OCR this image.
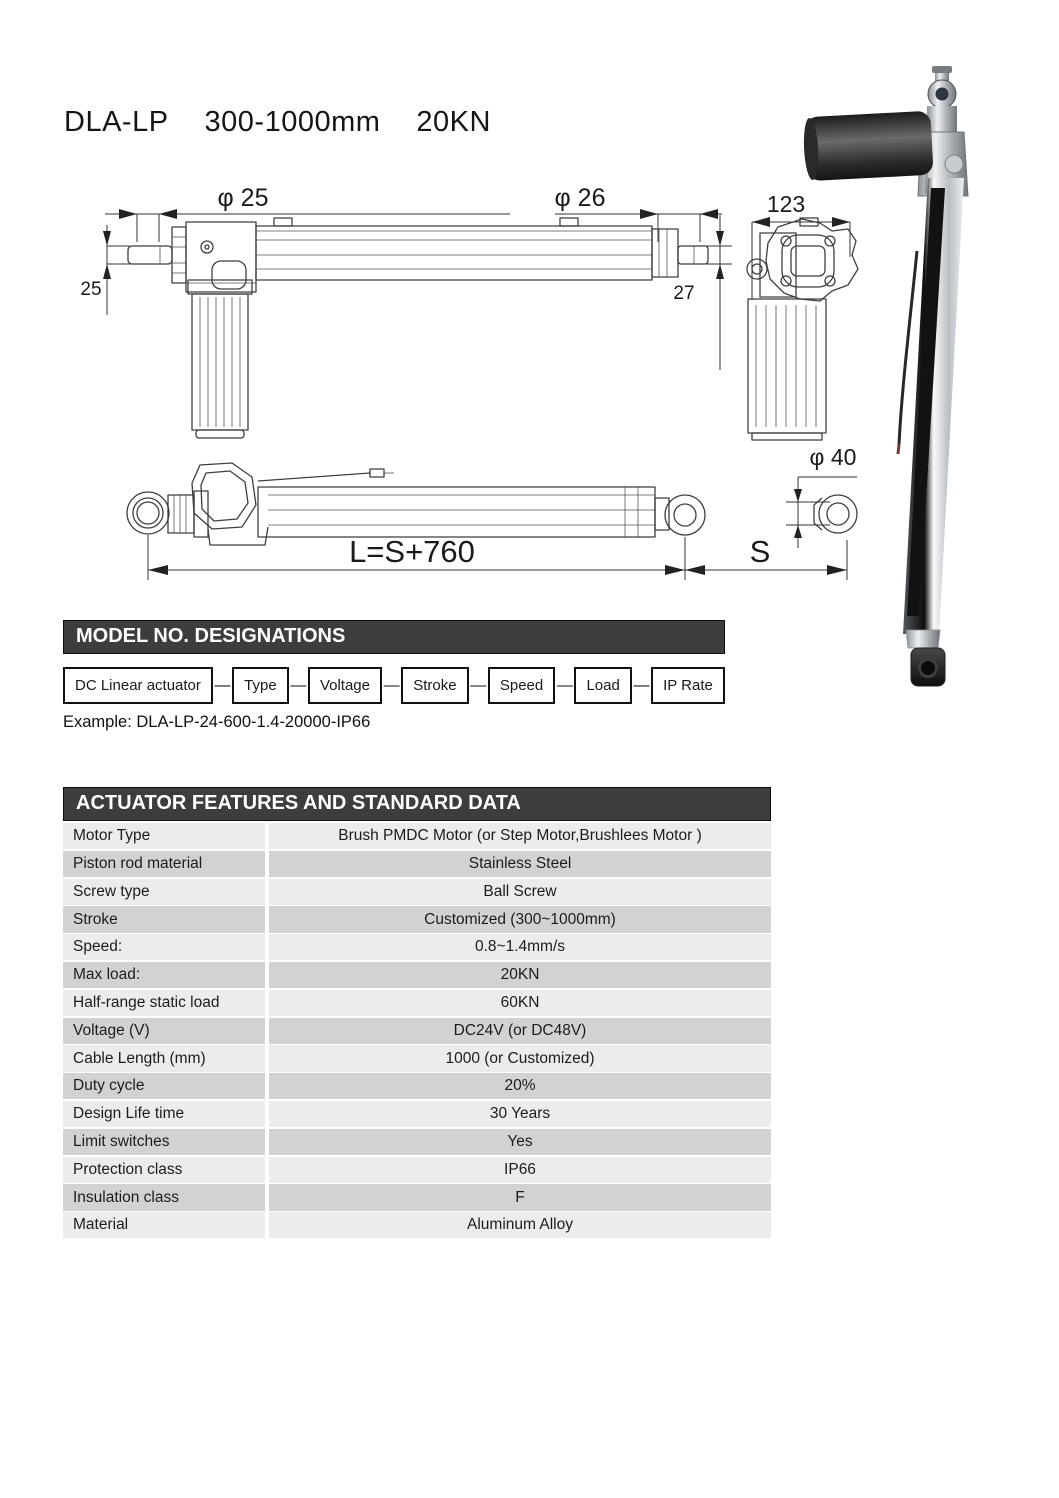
DLA-LP 300-1000mm 20KN
φ 25	φ 26
25	27
123
L=S+760	S
φ 40
MODEL NO. DESIGNATIONS
DC Linear actuator — Type — Voltage — Stroke — Speed — Load — IP Rate
Example: DLA-LP-24-600-1.4-20000-IP66
ACTUATOR FEATURES AND STANDARD DATA
Motor Type	Brush PMDC Motor (or Step Motor,Brushlees Motor )
Piston rod material	Stainless Steel
Screw type	Ball Screw
Stroke	Customized (300~1000mm)
Speed:	0.8~1.4mm/s
Max load:	20KN
Half-range static load	60KN
Voltage (V)	DC24V (or DC48V)
Cable Length (mm)	1000 (or Customized)
Duty cycle	20%
Design Life time	30 Years
Limit switches	Yes
Protection class	IP66
Insulation class	F
Material	Aluminum Alloy
